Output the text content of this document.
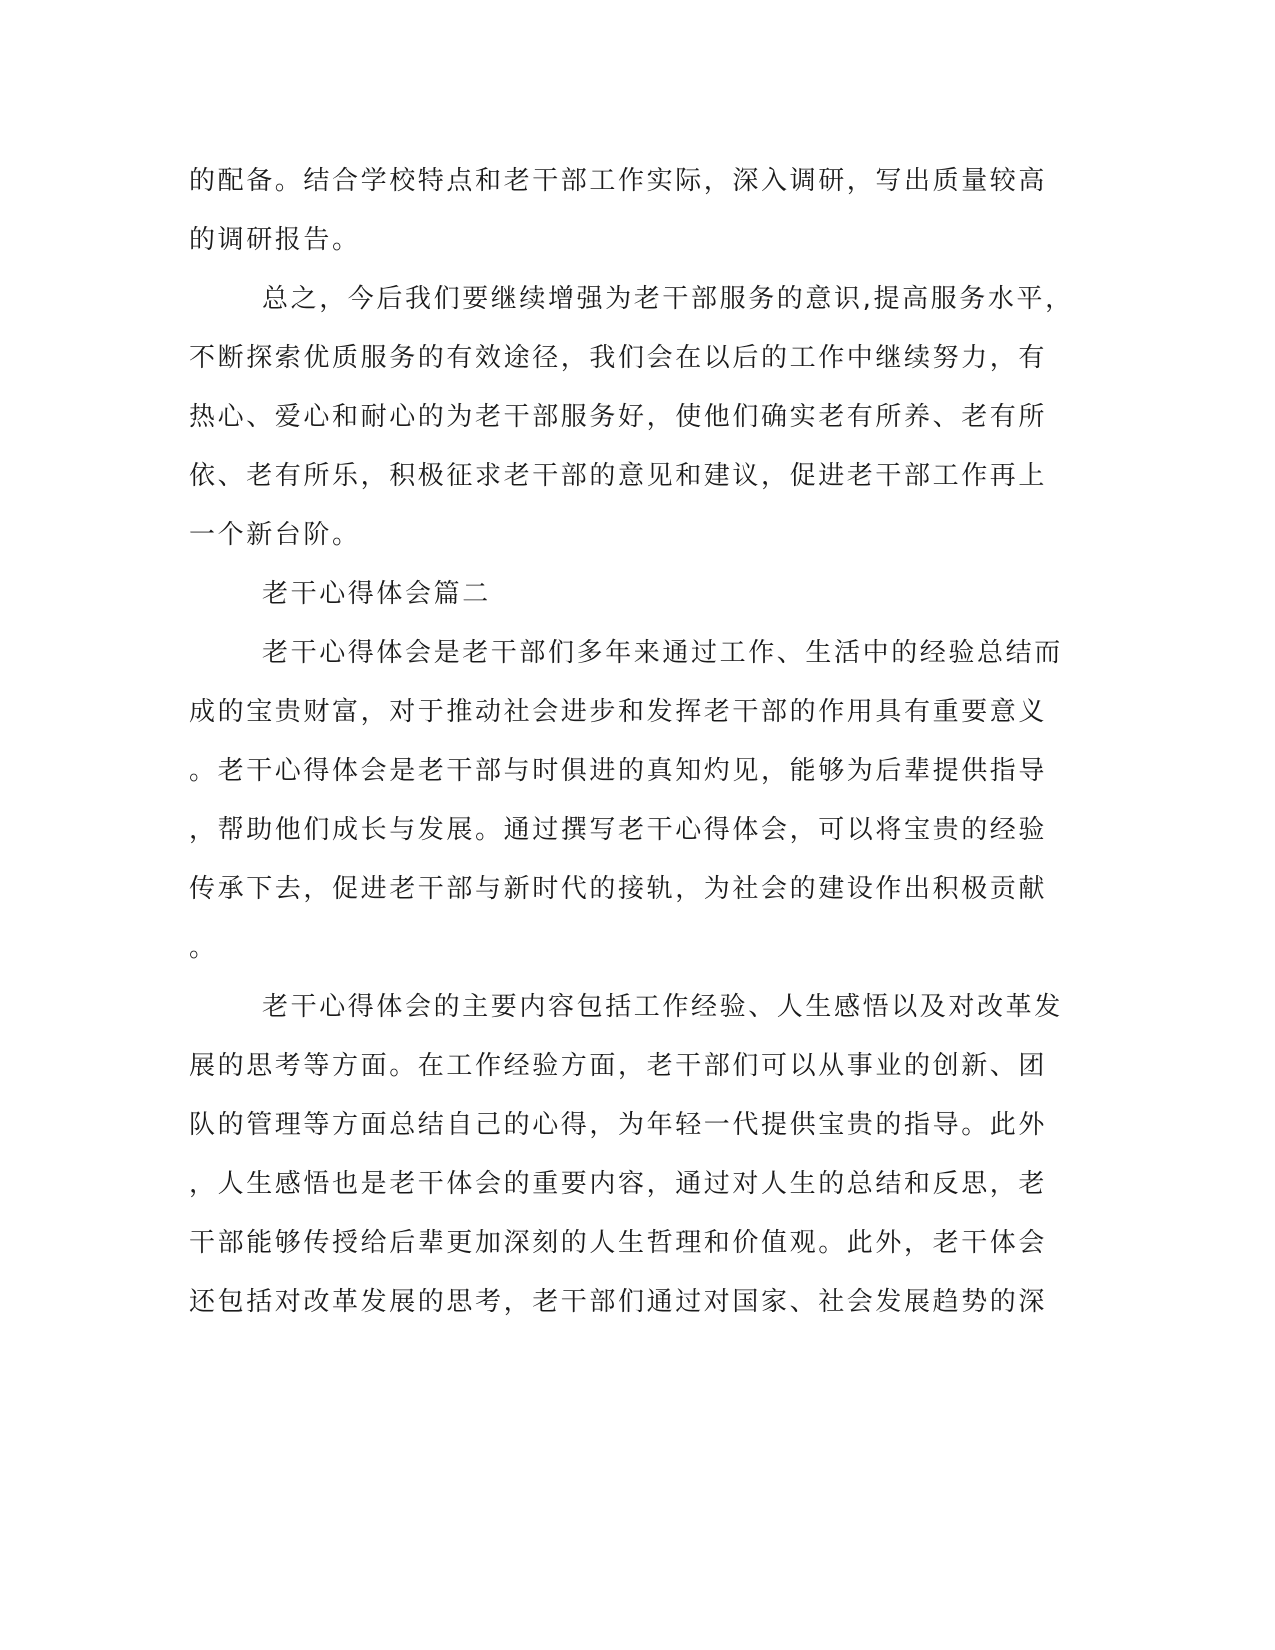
的配备。结合学校特点和老干部工作实际，深入调研，写出质量较高
的调研报告。
总之，今后我们要继续增强为老干部服务的意识,提高服务水平，
不断探索优质服务的有效途径，我们会在以后的工作中继续努力，有
热心、爱心和耐心的为老干部服务好，使他们确实老有所养、老有所
依、老有所乐，积极征求老干部的意见和建议，促进老干部工作再上
一个新台阶。
老干心得体会篇二
老干心得体会是老干部们多年来通过工作、生活中的经验总结而
成的宝贵财富，对于推动社会进步和发挥老干部的作用具有重要意义
。老干心得体会是老干部与时俱进的真知灼见，能够为后辈提供指导
，帮助他们成长与发展。通过撰写老干心得体会，可以将宝贵的经验
传承下去，促进老干部与新时代的接轨，为社会的建设作出积极贡献
。
老干心得体会的主要内容包括工作经验、人生感悟以及对改革发
展的思考等方面。在工作经验方面，老干部们可以从事业的创新、团
队的管理等方面总结自己的心得，为年轻一代提供宝贵的指导。此外
，人生感悟也是老干体会的重要内容，通过对人生的总结和反思，老
干部能够传授给后辈更加深刻的人生哲理和价值观。此外，老干体会
还包括对改革发展的思考，老干部们通过对国家、社会发展趋势的深
